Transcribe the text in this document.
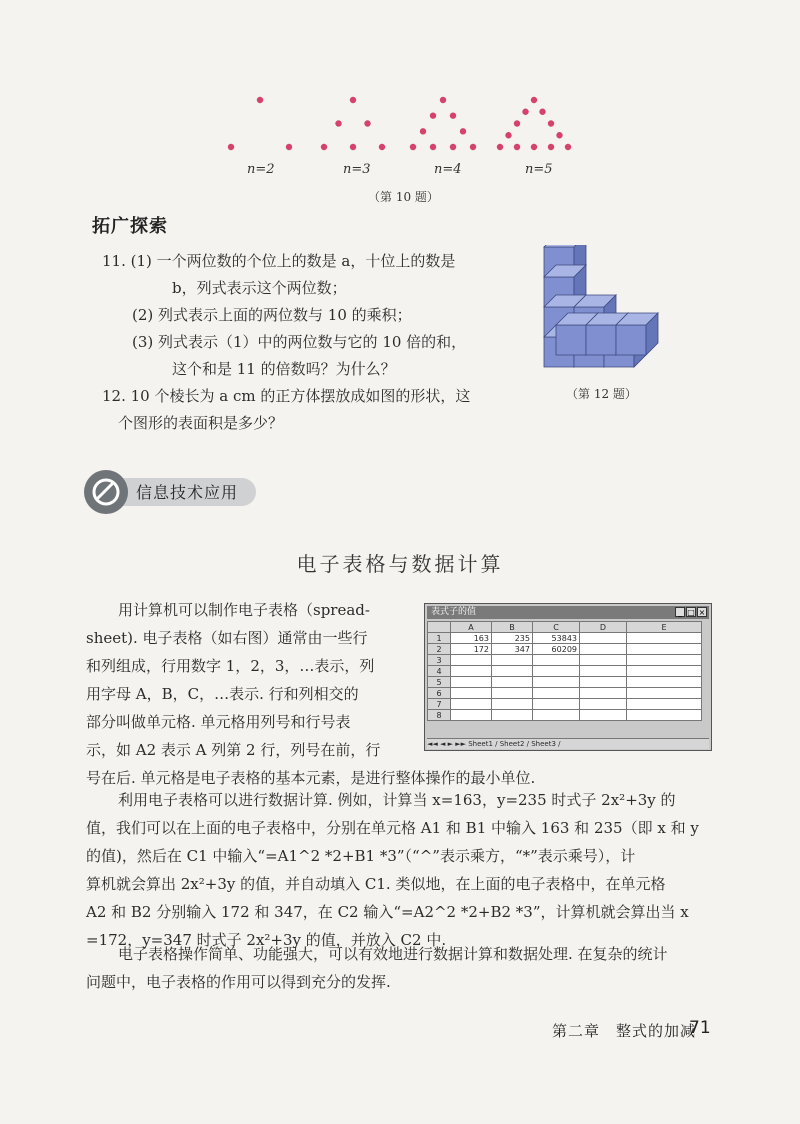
n=2	n=3	n=4	n=5
（第 10 题）
拓广探索
11. (1) 一个两位数的个位上的数是 a，十位上的数是
b，列式表示这个两位数；
(2) 列式表示上面的两位数与 10 的乘积；
(3) 列式表示（1）中的两位数与它的 10 倍的和，
这个和是 11 的倍数吗？为什么？
12. 10 个棱长为 a cm 的正方体摆放成如图的形状，这
个图形的表面积是多少？
（第 12 题）
信息技术应用
电子表格与数据计算
用计算机可以制作电子表格（spread-
sheet). 电子表格（如右图）通常由一些行
和列组成，行用数字 1，2，3，…表示，列
用字母 A，B，C，…表示. 行和列相交的
部分叫做单元格. 单元格用列号和行号表
示，如 A2 表示 A 列第 2 行，列号在前，行
号在后. 单元格是电子表格的基本元素，是进行整体操作的最小单位.
表式子的值	_ □ ×
	A	B	C	D	E
1	163	235	53843		
2	172	347	60209		
3					
4					
5					
6					
7					
8					
◄◄ ◄ ► ►► Sheet1 / Sheet2 / Sheet3 /
利用电子表格可以进行数据计算. 例如，计算当 x=163，y=235 时式子 2x²+3y 的
值，我们可以在上面的电子表格中，分别在单元格 A1 和 B1 中输入 163 和 235（即 x 和 y
的值)，然后在 C1 中输入“=A1^2 *2+B1 *3”（“^”表示乘方，“*”表示乘号），计
算机就会算出 2x²+3y 的值，并自动填入 C1. 类似地，在上面的电子表格中，在单元格
A2 和 B2 分别输入 172 和 347，在 C2 输入“=A2^2 *2+B2 *3”，计算机就会算出当 x
=172，y=347 时式子 2x²+3y 的值，并放入 C2 中.
电子表格操作简单、功能强大，可以有效地进行数据计算和数据处理. 在复杂的统计
问题中，电子表格的作用可以得到充分的发挥.
第二章　整式的加减
71
